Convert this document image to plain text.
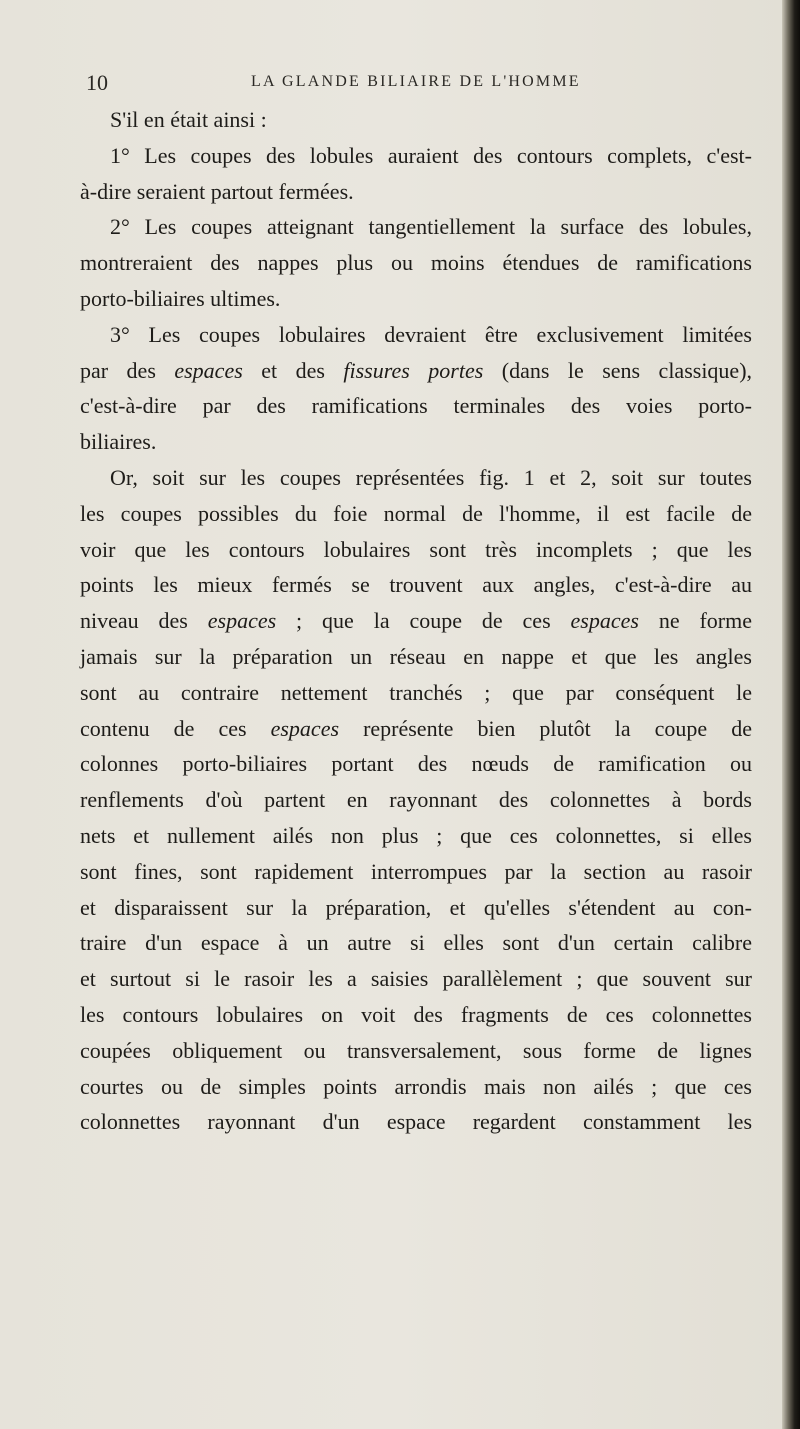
10	LA GLANDE BILIAIRE DE L'HOMME
S'il en était ainsi :
1° Les coupes des lobules auraient des contours complets, c'est-
à-dire seraient partout fermées.
2° Les coupes atteignant tangentiellement la surface des lobules,
montreraient des nappes plus ou moins étendues de ramifications
porto-biliaires ultimes.
3° Les coupes lobulaires devraient être exclusivement limitées
par des espaces et des fissures portes (dans le sens classique),
c'est-à-dire par des ramifications terminales des voies porto-
biliaires.
Or, soit sur les coupes représentées fig. 1 et 2, soit sur toutes
les coupes possibles du foie normal de l'homme, il est facile de
voir que les contours lobulaires sont très incomplets ; que les
points les mieux fermés se trouvent aux angles, c'est-à-dire au
niveau des espaces ; que la coupe de ces espaces ne forme
jamais sur la préparation un réseau en nappe et que les angles
sont au contraire nettement tranchés ; que par conséquent le
contenu de ces espaces représente bien plutôt la coupe de
colonnes porto-biliaires portant des nœuds de ramification ou
renflements d'où partent en rayonnant des colonnettes à bords
nets et nullement ailés non plus ; que ces colonnettes, si elles
sont fines, sont rapidement interrompues par la section au rasoir
et disparaissent sur la préparation, et qu'elles s'étendent au con-
traire d'un espace à un autre si elles sont d'un certain calibre
et surtout si le rasoir les a saisies parallèlement ; que souvent sur
les contours lobulaires on voit des fragments de ces colonnettes
coupées obliquement ou transversalement, sous forme de lignes
courtes ou de simples points arrondis mais non ailés ; que ces
colonnettes rayonnant d'un espace regardent constamment les
